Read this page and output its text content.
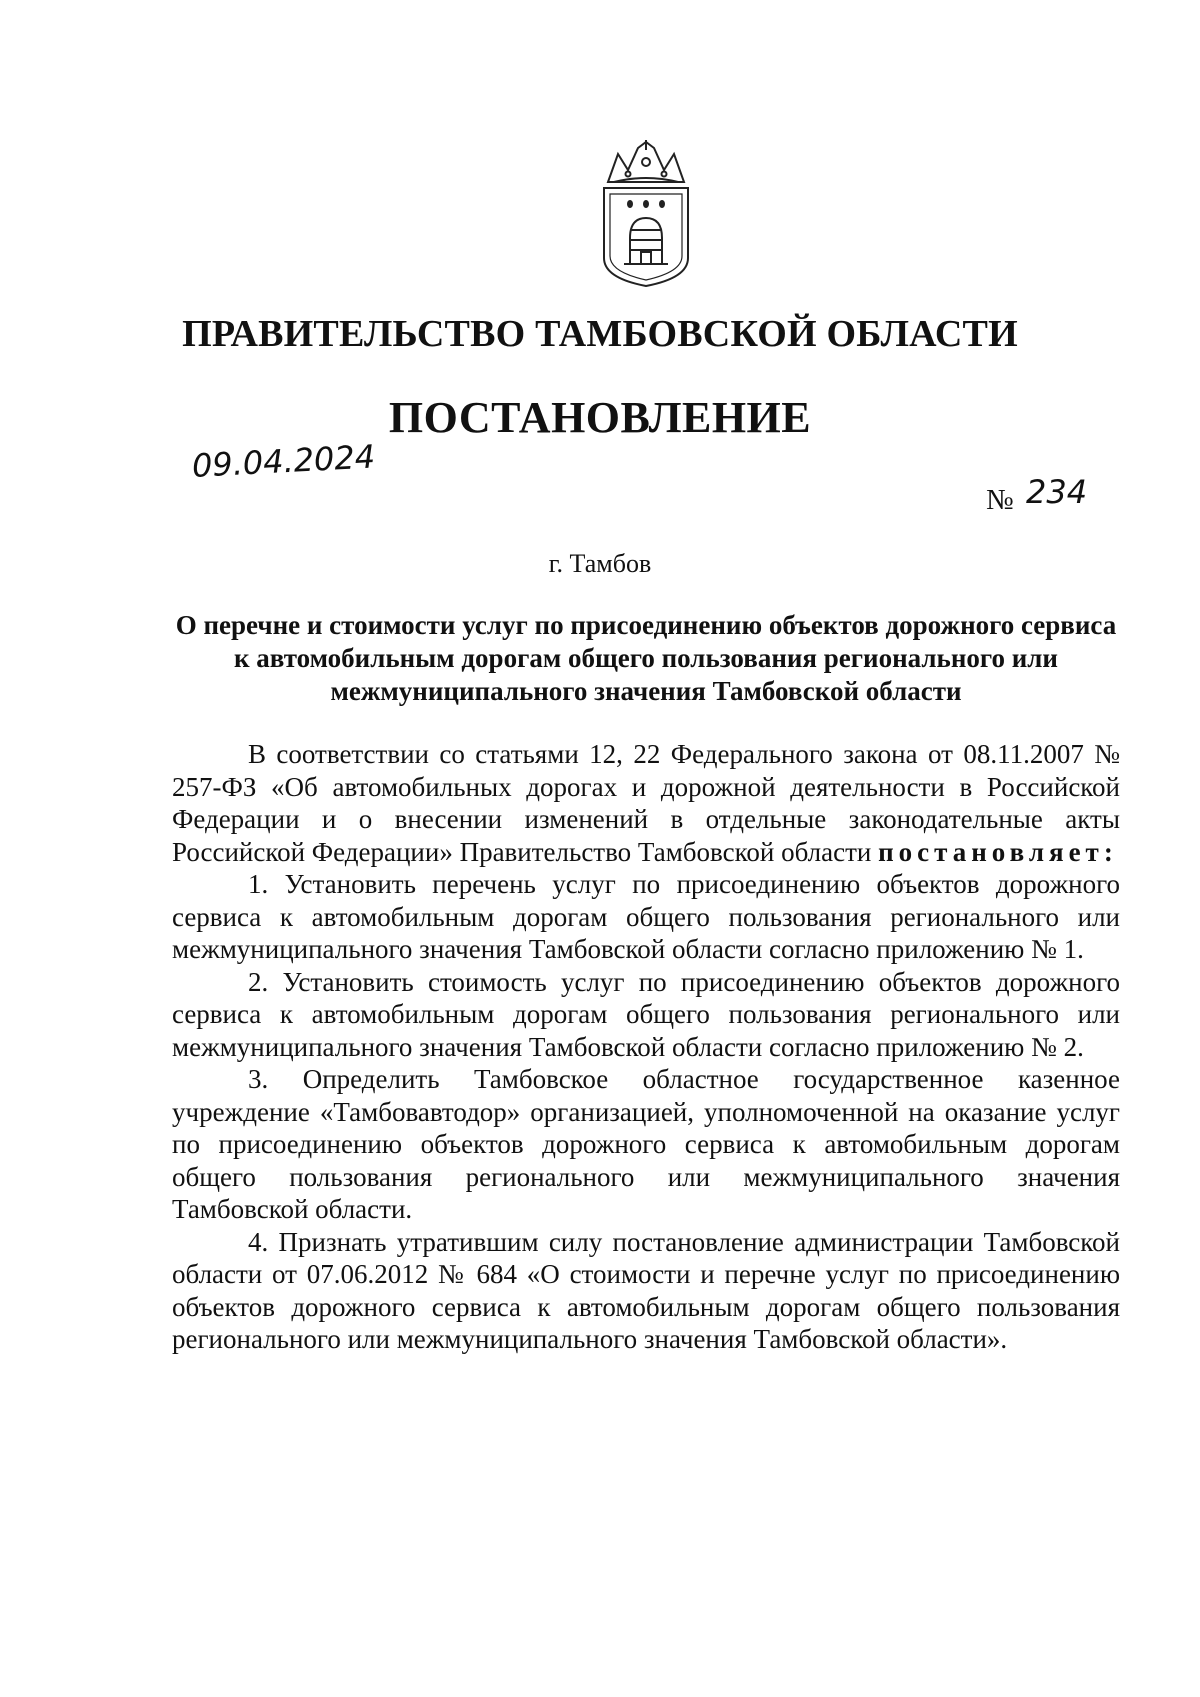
ПРАВИТЕЛЬСТВО ТАМБОВСКОЙ ОБЛАСТИ
ПОСТАНОВЛЕНИЕ
09.04.2024
№ 234
г. Тамбов
О перечне и стоимости услуг по присоединению объектов дорожного сервиса к автомобильным дорогам общего пользования регионального или межмуниципального значения Тамбовской области

В соответствии со статьями 12, 22 Федерального закона от 08.11.2007 № 257-ФЗ «Об автомобильных дорогах и дорожной деятельности в Российской Федерации и о внесении изменений в отдельные законодательные акты Российской Федерации» Правительство Тамбовской области постановляет:

1. Установить перечень услуг по присоединению объектов дорожного сервиса к автомобильным дорогам общего пользования регионального или межмуниципального значения Тамбовской области согласно приложению № 1.

2. Установить стоимость услуг по присоединению объектов дорожного сервиса к автомобильным дорогам общего пользования регионального или межмуниципального значения Тамбовской области согласно приложению № 2.

3. Определить Тамбовское областное государственное казенное учреждение «Тамбовавтодор» организацией, уполномоченной на оказание услуг по присоединению объектов дорожного сервиса к автомобильным дорогам общего пользования регионального или межмуниципального значения Тамбовской области.

4. Признать утратившим силу постановление администрации Тамбовской области от 07.06.2012 № 684 «О стоимости и перечне услуг по присоединению объектов дорожного сервиса к автомобильным дорогам общего пользования регионального или межмуниципального значения Тамбовской области».
